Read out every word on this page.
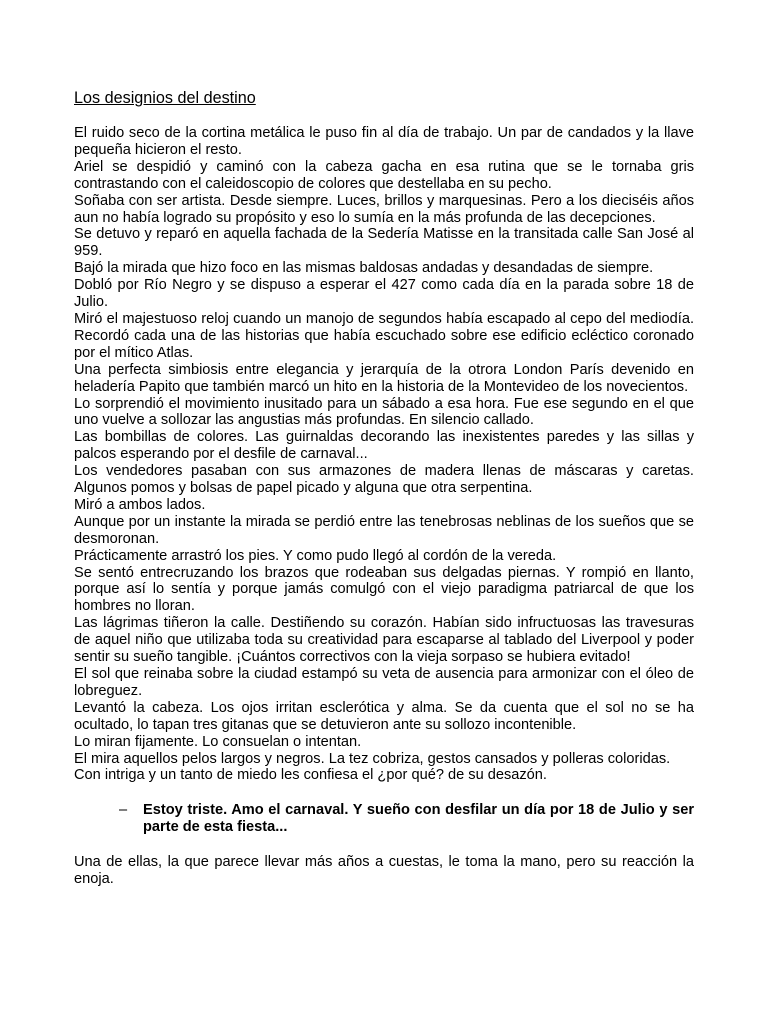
Los designios del destino

El ruido seco de la cortina metálica le puso fin al día de trabajo. Un par de candados y la llave pequeña hicieron el resto.

Ariel se despidió y caminó con la cabeza gacha en esa rutina que se le tornaba gris contrastando con el caleidoscopio de colores que destellaba en su pecho.

Soñaba con ser artista. Desde siempre. Luces, brillos y marquesinas. Pero a los dieciséis años aun no había logrado su propósito y eso lo sumía en la más profunda de las decepciones.

Se detuvo y reparó en aquella fachada de la Sedería Matisse en la transitada calle San José al 959.

Bajó la mirada que hizo foco en las mismas baldosas andadas y desandadas de siempre.

Dobló por Río Negro y se dispuso a esperar el 427 como cada día en la parada sobre 18 de Julio.

Miró el majestuoso reloj cuando un manojo de segundos había escapado al cepo del mediodía. Recordó cada una de las historias que había escuchado sobre ese edificio ecléctico coronado por el mítico Atlas.

Una perfecta simbiosis entre elegancia y jerarquía de la otrora London París devenido en heladería Papito que también marcó un hito en la historia de la Montevideo de los novecientos.

Lo sorprendió el movimiento inusitado para un sábado a esa hora. Fue ese segundo en el que uno vuelve a sollozar las angustias más profundas. En silencio callado.

Las bombillas de colores. Las guirnaldas decorando las inexistentes paredes y las sillas y palcos esperando por el desfile de carnaval...

Los vendedores pasaban con sus armazones de madera llenas de máscaras y caretas. Algunos pomos y bolsas de papel picado y alguna que otra serpentina.

Miró a ambos lados.

Aunque por un instante la mirada se perdió entre las tenebrosas neblinas de los sueños que se desmoronan.

Prácticamente arrastró los pies. Y como pudo llegó al cordón de la vereda.

Se sentó entrecruzando los brazos que rodeaban sus delgadas piernas. Y rompió en llanto, porque así lo sentía y porque jamás comulgó con el viejo paradigma patriarcal de que los hombres no lloran.

Las lágrimas tiñeron la calle. Destiñendo su corazón. Habían sido infructuosas las travesuras de aquel niño que utilizaba toda su creatividad para escaparse al tablado del Liverpool y poder sentir su sueño tangible. ¡Cuántos correctivos con la vieja sorpaso se hubiera evitado!

El sol que reinaba sobre la ciudad estampó su veta de ausencia para armonizar con el óleo de lobreguez.

Levantó la cabeza. Los ojos irritan esclerótica y alma. Se da cuenta que el sol no se ha ocultado, lo tapan tres gitanas que se detuvieron ante su sollozo incontenible.

Lo miran fijamente. Lo consuelan o intentan.

El mira aquellos pelos largos y negros. La tez cobriza, gestos cansados y polleras coloridas.

Con intriga y un tanto de miedo les confiesa el ¿por qué? de su desazón.

–	Estoy triste. Amo el carnaval. Y sueño con desfilar un día por 18 de Julio y ser parte de esta fiesta...

Una de ellas, la que parece llevar más años a cuestas, le toma la mano, pero su reacción la enoja.
